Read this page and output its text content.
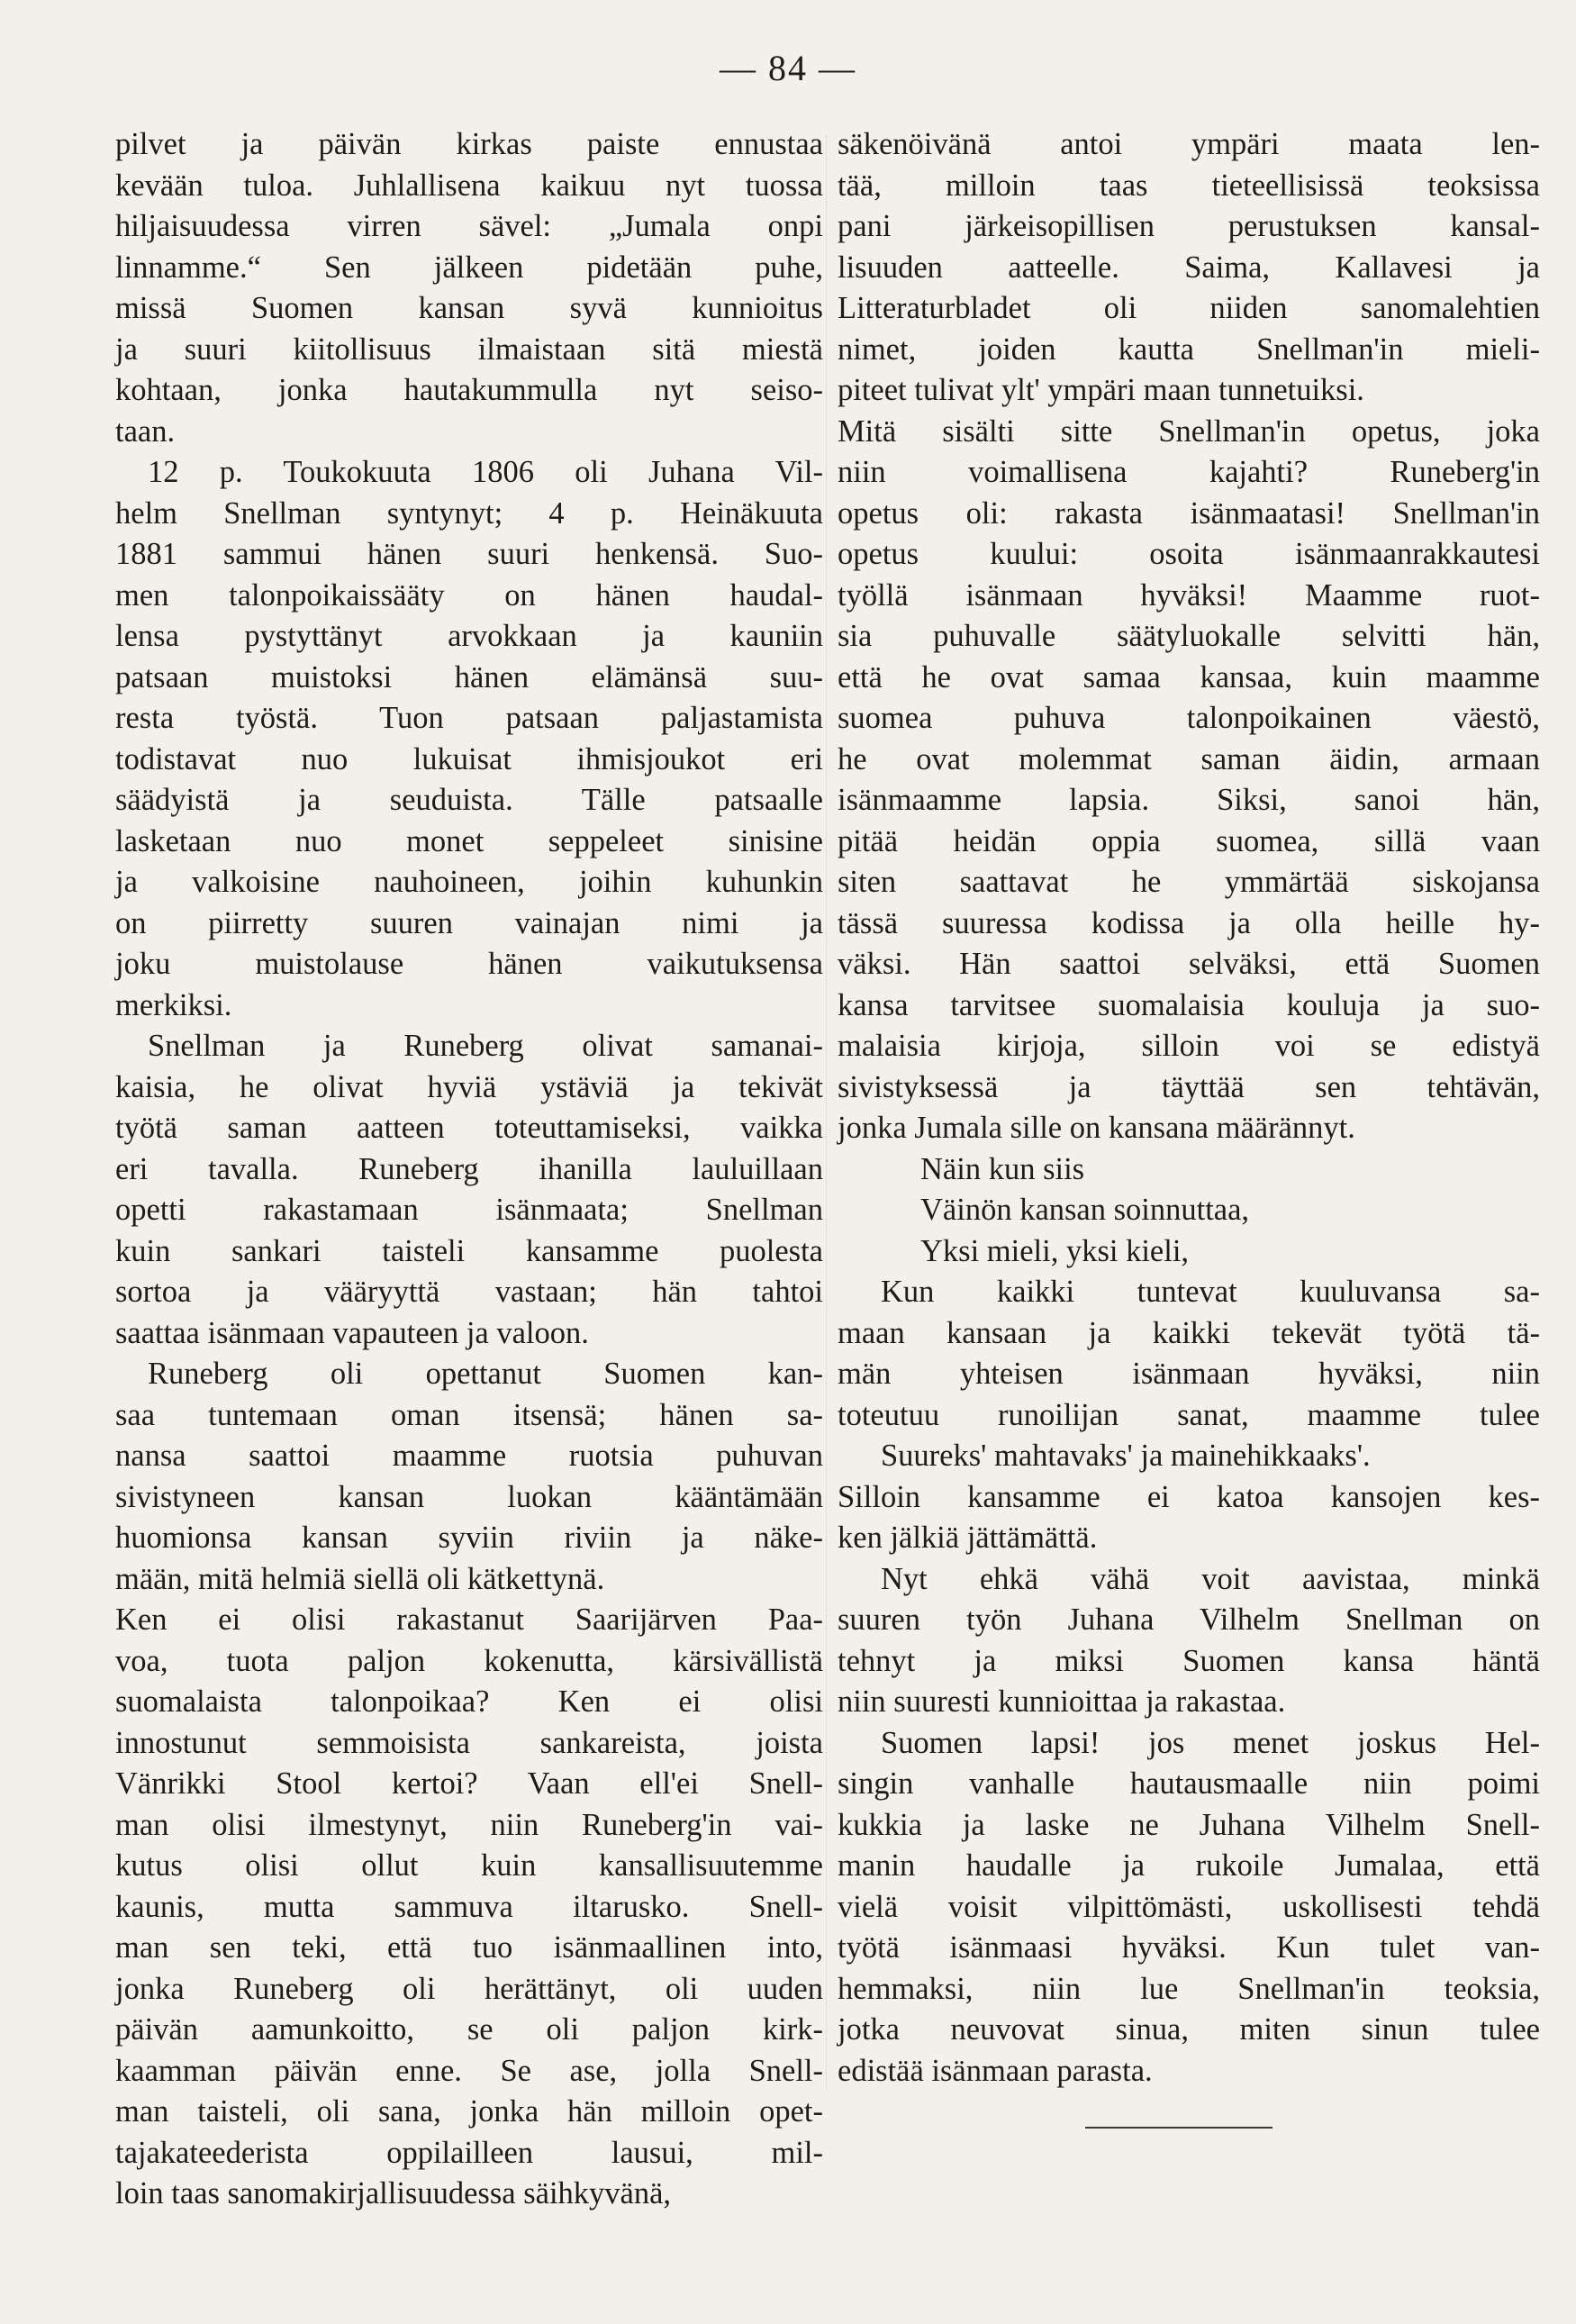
— 84 —
pilvet ja päivän kirkas paiste ennustaa
kevään tuloa. Juhlallisena kaikuu nyt tuossa
hiljaisuudessa virren sävel: „Jumala onpi
linnamme.“ Sen jälkeen pidetään puhe,
missä Suomen kansan syvä kunnioitus
ja suuri kiitollisuus ilmaistaan sitä miestä
kohtaan, jonka hautakummulla nyt seiso-
taan.
12 p. Toukokuuta 1806 oli Juhana Vil-
helm Snellman syntynyt; 4 p. Heinäkuuta
1881 sammui hänen suuri henkensä. Suo-
men talonpoikaissääty on hänen haudal-
lensa pystyttänyt arvokkaan ja kauniin
patsaan muistoksi hänen elämänsä suu-
resta työstä. Tuon patsaan paljastamista
todistavat nuo lukuisat ihmisjoukot eri
säädyistä ja seuduista. Tälle patsaalle
lasketaan nuo monet seppeleet sinisine
ja valkoisine nauhoineen, joihin kuhunkin
on piirretty suuren vainajan nimi ja
joku muistolause hänen vaikutuksensa
merkiksi.
Snellman ja Runeberg olivat samanai-
kaisia, he olivat hyviä ystäviä ja tekivät
työtä saman aatteen toteuttamiseksi, vaikka
eri tavalla. Runeberg ihanilla lauluillaan
opetti rakastamaan isänmaata; Snellman
kuin sankari taisteli kansamme puolesta
sortoa ja vääryyttä vastaan; hän tahtoi
saattaa isänmaan vapauteen ja valoon.
Runeberg oli opettanut Suomen kan-
saa tuntemaan oman itsensä; hänen sa-
nansa saattoi maamme ruotsia puhuvan
sivistyneen kansan luokan kääntämään
huomionsa kansan syviin riviin ja näke-
mään, mitä helmiä siellä oli kätkettynä.
Ken ei olisi rakastanut Saarijärven Paa-
voa, tuota paljon kokenutta, kärsivällistä
suomalaista talonpoikaa? Ken ei olisi
innostunut semmoisista sankareista, joista
Vänrikki Stool kertoi? Vaan ell'ei Snell-
man olisi ilmestynyt, niin Runeberg'in vai-
kutus olisi ollut kuin kansallisuutemme
kaunis, mutta sammuva iltarusko. Snell-
man sen teki, että tuo isänmaallinen into,
jonka Runeberg oli herättänyt, oli uuden
päivän aamunkoitto, se oli paljon kirk-
kaamman päivän enne. Se ase, jolla Snell-
man taisteli, oli sana, jonka hän milloin opet-
tajakateederista oppilailleen lausui, mil-
loin taas sanomakirjallisuudessa säihkyvänä,
säkenöivänä antoi ympäri maata len-
tää, milloin taas tieteellisissä teoksissa
pani järkeisopillisen perustuksen kansal-
lisuuden aatteelle. Saima, Kallavesi ja
Litteraturbladet oli niiden sanomalehtien
nimet, joiden kautta Snellman'in mieli-
piteet tulivat ylt' ympäri maan tunnetuiksi.
Mitä sisälti sitte Snellman'in opetus, joka
niin voimallisena kajahti? Runeberg'in
opetus oli: rakasta isänmaatasi! Snellman'in
opetus kuului: osoita isänmaanrakkautesi
työllä isänmaan hyväksi! Maamme ruot-
sia puhuvalle säätyluokalle selvitti hän,
että he ovat samaa kansaa, kuin maamme
suomea puhuva talonpoikainen väestö,
he ovat molemmat saman äidin, armaan
isänmaamme lapsia. Siksi, sanoi hän,
pitää heidän oppia suomea, sillä vaan
siten saattavat he ymmärtää siskojansa
tässä suuressa kodissa ja olla heille hy-
väksi. Hän saattoi selväksi, että Suomen
kansa tarvitsee suomalaisia kouluja ja suo-
malaisia kirjoja, silloin voi se edistyä
sivistyksessä ja täyttää sen tehtävän,
jonka Jumala sille on kansana määrännyt.
Näin kun siis
Väinön kansan soinnuttaa,
Yksi mieli, yksi kieli,
Kun kaikki tuntevat kuuluvansa sa-
maan kansaan ja kaikki tekevät työtä tä-
män yhteisen isänmaan hyväksi, niin
toteutuu runoilijan sanat, maamme tulee
Suureks' mahtavaks' ja mainehikkaaks'.
Silloin kansamme ei katoa kansojen kes-
ken jälkiä jättämättä.
Nyt ehkä vähä voit aavistaa, minkä
suuren työn Juhana Vilhelm Snellman on
tehnyt ja miksi Suomen kansa häntä
niin suuresti kunnioittaa ja rakastaa.
Suomen lapsi! jos menet joskus Hel-
singin vanhalle hautausmaalle niin poimi
kukkia ja laske ne Juhana Vilhelm Snell-
manin haudalle ja rukoile Jumalaa, että
vielä voisit vilpittömästi, uskollisesti tehdä
työtä isänmaasi hyväksi. Kun tulet van-
hemmaksi, niin lue Snellman'in teoksia,
jotka neuvovat sinua, miten sinun tulee
edistää isänmaan parasta.
